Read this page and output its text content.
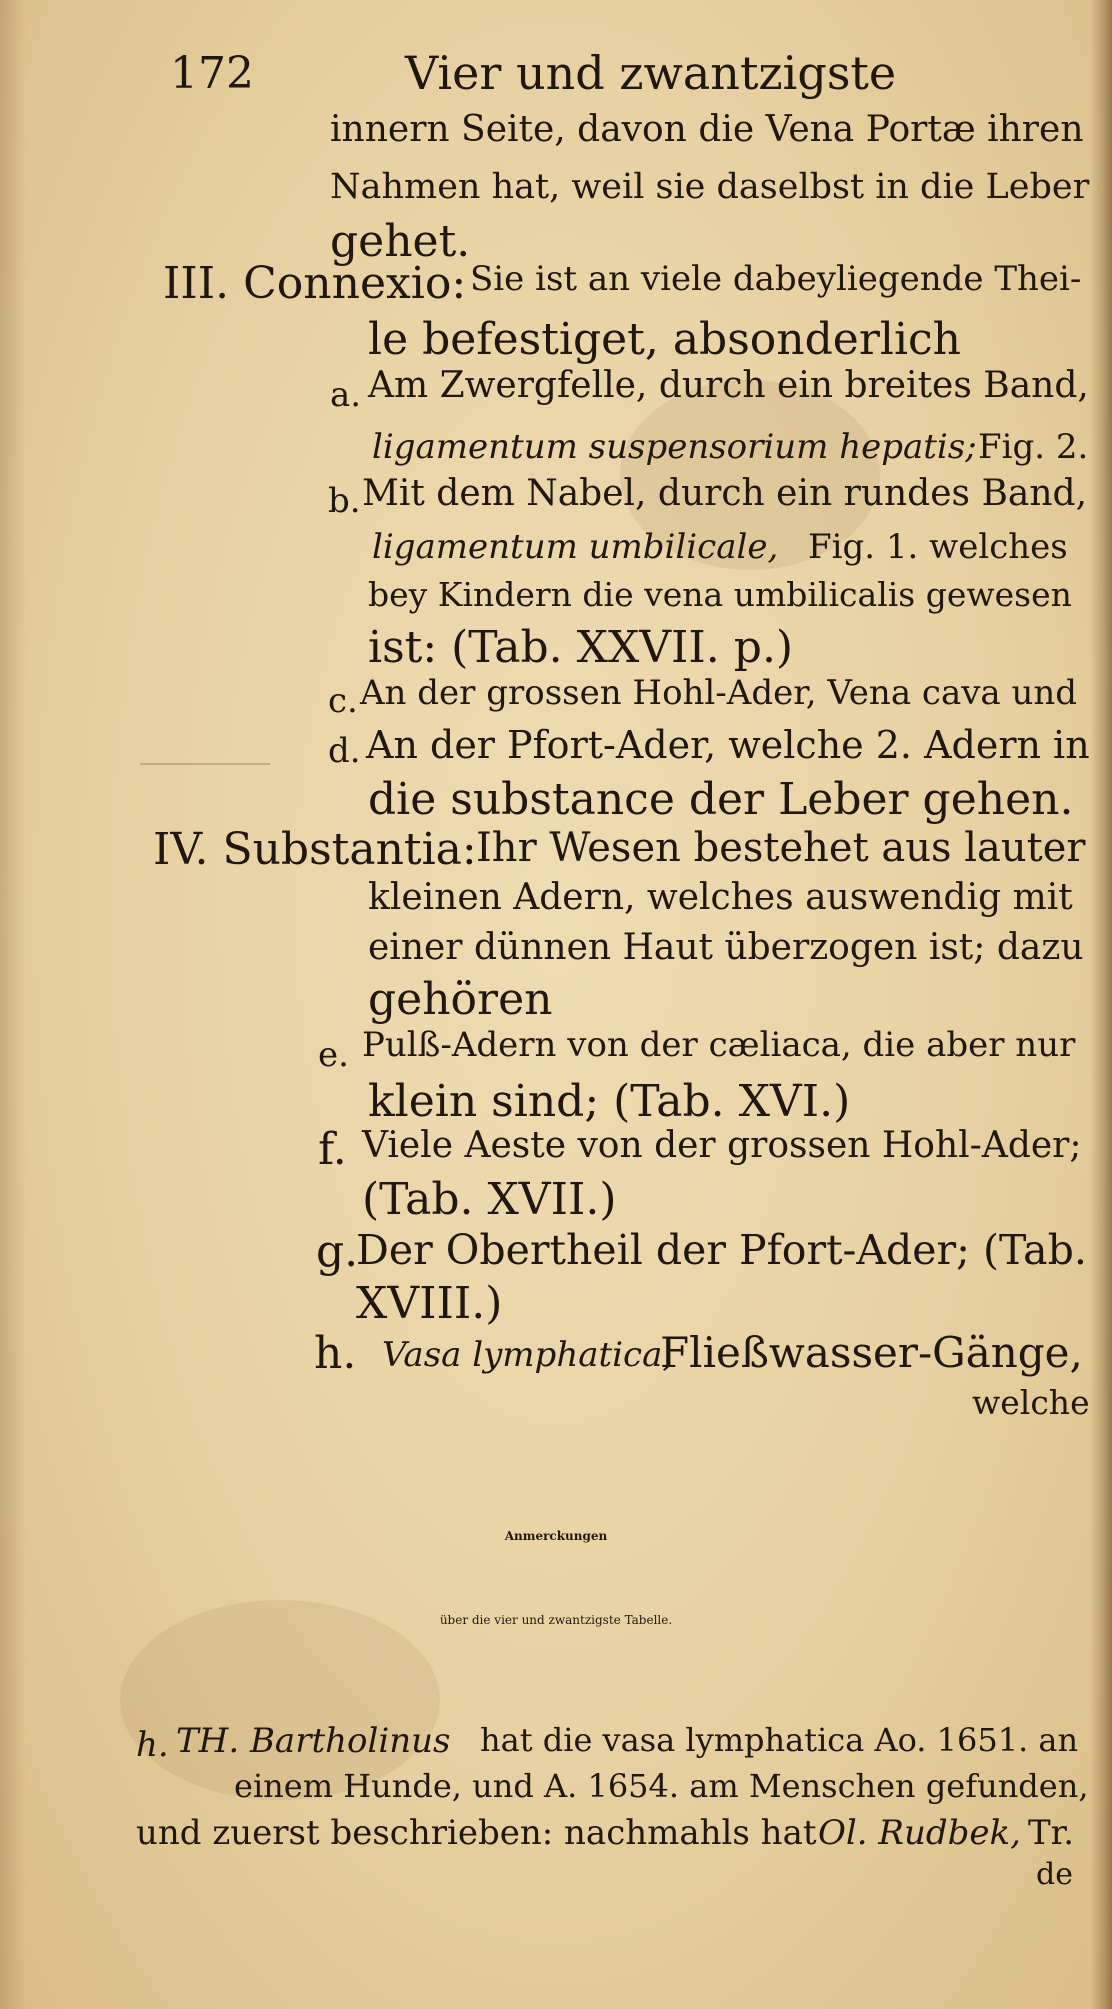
172	Vier und zwantzigste
innern Seite, davon die Vena Portæ ihren
Nahmen hat, weil sie daselbst in die Leber
gehet.
III. Connexio: Sie ist an viele dabeyliegende Thei-
le befestiget, absonderlich
a. Am Zwergfelle, durch ein breites Band,
ligamentum suspensorium hepatis; Fig. 2.
b. Mit dem Nabel, durch ein rundes Band,
ligamentum umbilicale, Fig. 1. welches
bey Kindern die vena umbilicalis gewesen
ist: (Tab. XXVII. p.)
c. An der grossen Hohl-Ader, Vena cava und
d. An der Pfort-Ader, welche 2. Adern in
die substance der Leber gehen.
IV. Substantia: Ihr Wesen bestehet aus lauter
kleinen Adern, welches auswendig mit
einer dünnen Haut überzogen ist; dazu
gehören
e. Pulß-Adern von der cæliaca, die aber nur
klein sind; (Tab. XVI.)
f. Viele Aeste von der grossen Hohl-Ader;
(Tab. XVII.)
g.
Der Obertheil der Pfort-Ader; (Tab.
XVIII.)
h. Vasa lymphatica,
Fließwasser-Gänge,
welche
Anmerckungen
über die vier und zwantzigste Tabelle.
h. TH. Bartholinus hat die vasa lymphatica Ao. 1651. an
einem Hunde, und A. 1654. am Menschen gefunden,
und zuerst beschrieben: nachmahls hat Ol. Rudbek, Tr.
de
